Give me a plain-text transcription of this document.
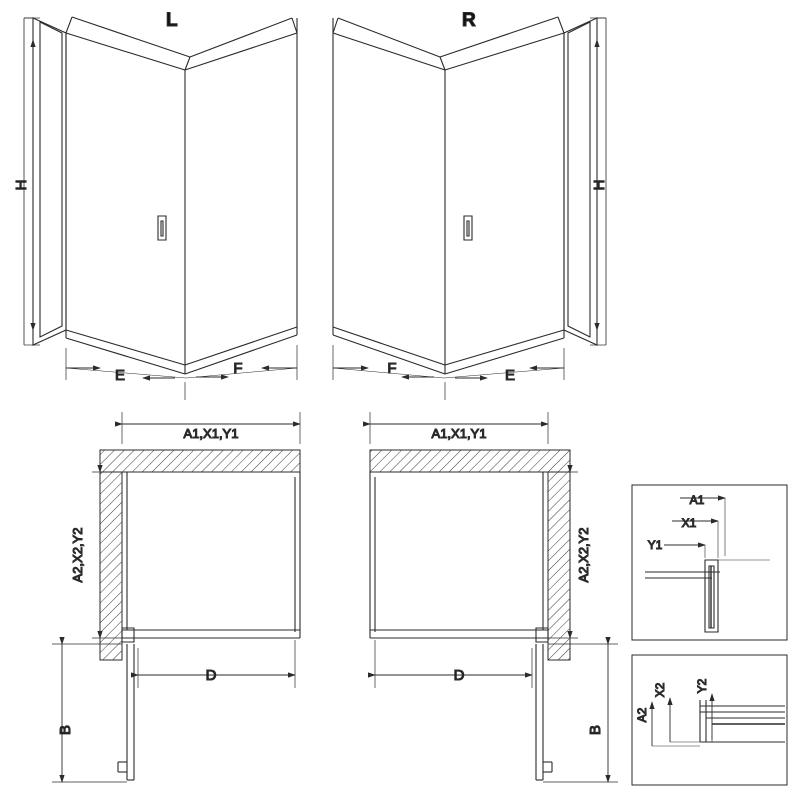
L
H
E	F
R
H
F	E
A1,X1,Y1
A2,X2,Y2
D
B
A1,X1,Y1
A2,X2,Y2
D
B
A1
X1
Y1
A2
X2 Y2
